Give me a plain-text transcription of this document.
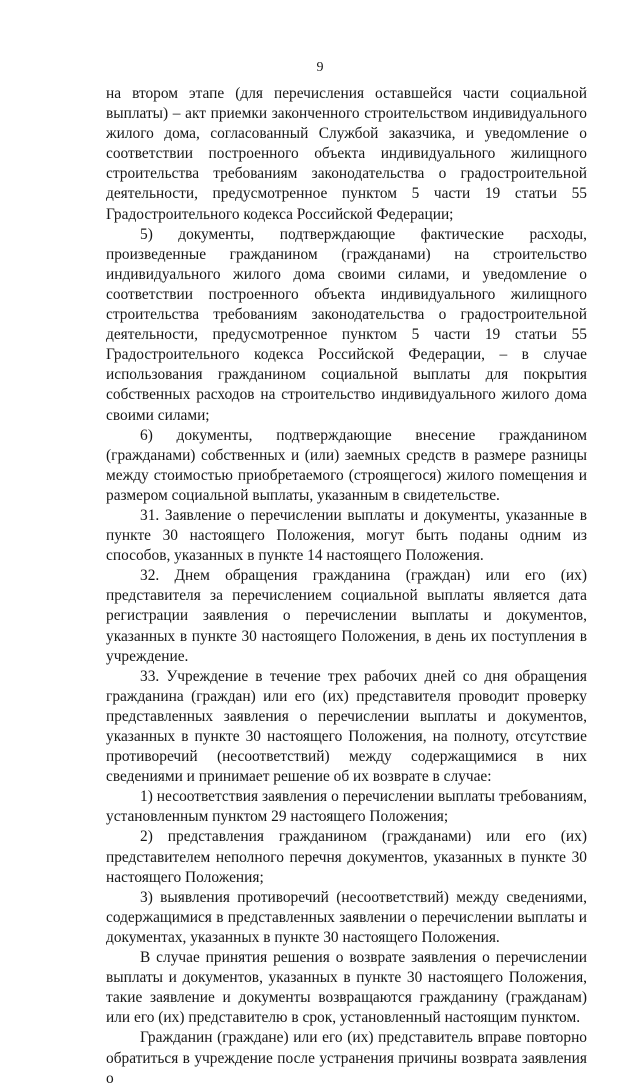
9

на втором этапе (для перечисления оставшейся части социальной выплаты) – акт приемки законченного строительством индивидуального жилого дома, согласованный Службой заказчика, и уведомление о соответствии построенного объекта индивидуального жилищного строительства требованиям законодательства о градостроительной деятельности, предусмотренное пунктом 5 части 19 статьи 55 Градостроительного кодекса Российской Федерации;

5) документы, подтверждающие фактические расходы, произведенные гражданином (гражданами) на строительство индивидуального жилого дома своими силами, и уведомление о соответствии построенного объекта индивидуального жилищного строительства требованиям законодательства о градостроительной деятельности, предусмотренное пунктом 5 части 19 статьи 55 Градостроительного кодекса Российской Федерации, – в случае использования гражданином социальной выплаты для покрытия собственных расходов на строительство индивидуального жилого дома своими силами;

6) документы, подтверждающие внесение гражданином (гражданами) собственных и (или) заемных средств в размере разницы между стоимостью приобретаемого (строящегося) жилого помещения и размером социальной выплаты, указанным в свидетельстве.

31. Заявление о перечислении выплаты и документы, указанные в пункте 30 настоящего Положения, могут быть поданы одним из способов, указанных в пункте 14 настоящего Положения.

32. Днем обращения гражданина (граждан) или его (их) представителя за перечислением социальной выплаты является дата регистрации заявления о перечислении выплаты и документов, указанных в пункте 30 настоящего Положения, в день их поступления в учреждение.

33. Учреждение в течение трех рабочих дней со дня обращения гражданина (граждан) или его (их) представителя проводит проверку представленных заявления о перечислении выплаты и документов, указанных в пункте 30 настоящего Положения, на полноту, отсутствие противоречий (несоответствий) между содержащимися в них сведениями и принимает решение об их возврате в случае:

1) несоответствия заявления о перечислении выплаты требованиям, установленным пунктом 29 настоящего Положения;

2) представления гражданином (гражданами) или его (их) представителем неполного перечня документов, указанных в пункте 30 настоящего Положения;

3) выявления противоречий (несоответствий) между сведениями, содержащимися в представленных заявлении о перечислении выплаты и документах, указанных в пункте 30 настоящего Положения.

В случае принятия решения о возврате заявления о перечислении выплаты и документов, указанных в пункте 30 настоящего Положения, такие заявление и документы возвращаются гражданину (гражданам) или его (их) представителю в срок, установленный настоящим пунктом.

Гражданин (граждане) или его (их) представитель вправе повторно обратиться в учреждение после устранения причины возврата заявления о
